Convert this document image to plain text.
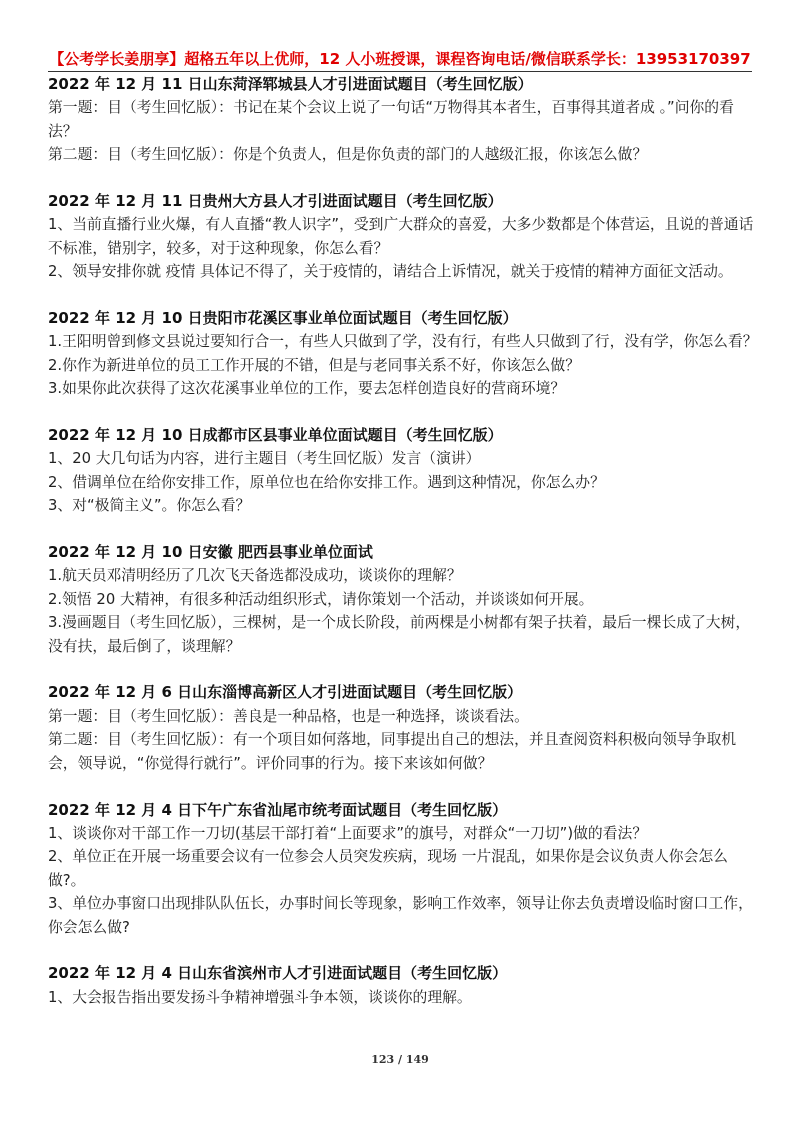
【公考学长姜朋享】超格五年以上优师，12 人小班授课，课程咨询电话/微信联系学长：13953170397
2022 年 12 月 11 日山东菏泽郓城县人才引进面试题目（考生回忆版）

第一题：目（考生回忆版）：书记在某个会议上说了一句话“万物得其本者生，百事得其道者成 。”问你的看法？

第二题：目（考生回忆版）：你是个负责人，但是你负责的部门的人越级汇报，你该怎么做？

2022 年 12 月 11 日贵州大方县人才引进面试题目（考生回忆版）

1、当前直播行业火爆，有人直播“教人识字”，受到广大群众的喜爱，大多少数都是个体营运，且说的普通话不标准，错别字，较多，对于这种现象，你怎么看？

2、领导安排你就 疫情 具体记不得了，关于疫情的，请结合上诉情况，就关于疫情的精神方面征文活动。

2022 年 12 月 10 日贵阳市花溪区事业单位面试题目（考生回忆版）

1.王阳明曾到修文县说过要知行合一，有些人只做到了学，没有行，有些人只做到了行，没有学，你怎么看？

2.你作为新进单位的员工工作开展的不错，但是与老同事关系不好，你该怎么做？

3.如果你此次获得了这次花溪事业单位的工作，要去怎样创造良好的营商环境？

2022 年 12 月 10 日成都市区县事业单位面试题目（考生回忆版）

1、20 大几句话为内容，进行主题目（考生回忆版）发言（演讲）

2、借调单位在给你安排工作，原单位也在给你安排工作。遇到这种情况，你怎么办？

3、对“极简主义”。你怎么看？

2022 年 12 月 10 日安徽 肥西县事业单位面试

1.航天员邓清明经历了几次飞天备选都没成功，谈谈你的理解？

2.领悟 20 大精神，有很多种活动组织形式，请你策划一个活动，并谈谈如何开展。

3.漫画题目（考生回忆版），三棵树，是一个成长阶段，前两棵是小树都有架子扶着，最后一棵长成了大树，没有扶，最后倒了，谈理解？

2022 年 12 月 6 日山东淄博高新区人才引进面试题目（考生回忆版）

第一题：目（考生回忆版）：善良是一种品格，也是一种选择，谈谈看法。

第二题：目（考生回忆版）：有一个项目如何落地，同事提出自己的想法，并且查阅资料积极向领导争取机会，领导说，“你觉得行就行”。评价同事的行为。接下来该如何做？

2022 年 12 月 4 日下午广东省汕尾市统考面试题目（考生回忆版）

1、谈谈你对干部工作一刀切(基层干部打着“上面要求”的旗号，对群众“一刀切”)做的看法？

2、单位正在开展一场重要会议有一位参会人员突发疾病，现场 一片混乱，如果你是会议负责人你会怎么做?。

3、单位办事窗口出现排队队伍长，办事时间长等现象，影响工作效率，领导让你去负责增设临时窗口工作，你会怎么做?

2022 年 12 月 4 日山东省滨州市人才引进面试题目（考生回忆版）

1、大会报告指出要发扬斗争精神增强斗争本领，谈谈你的理解。

123 / 149
